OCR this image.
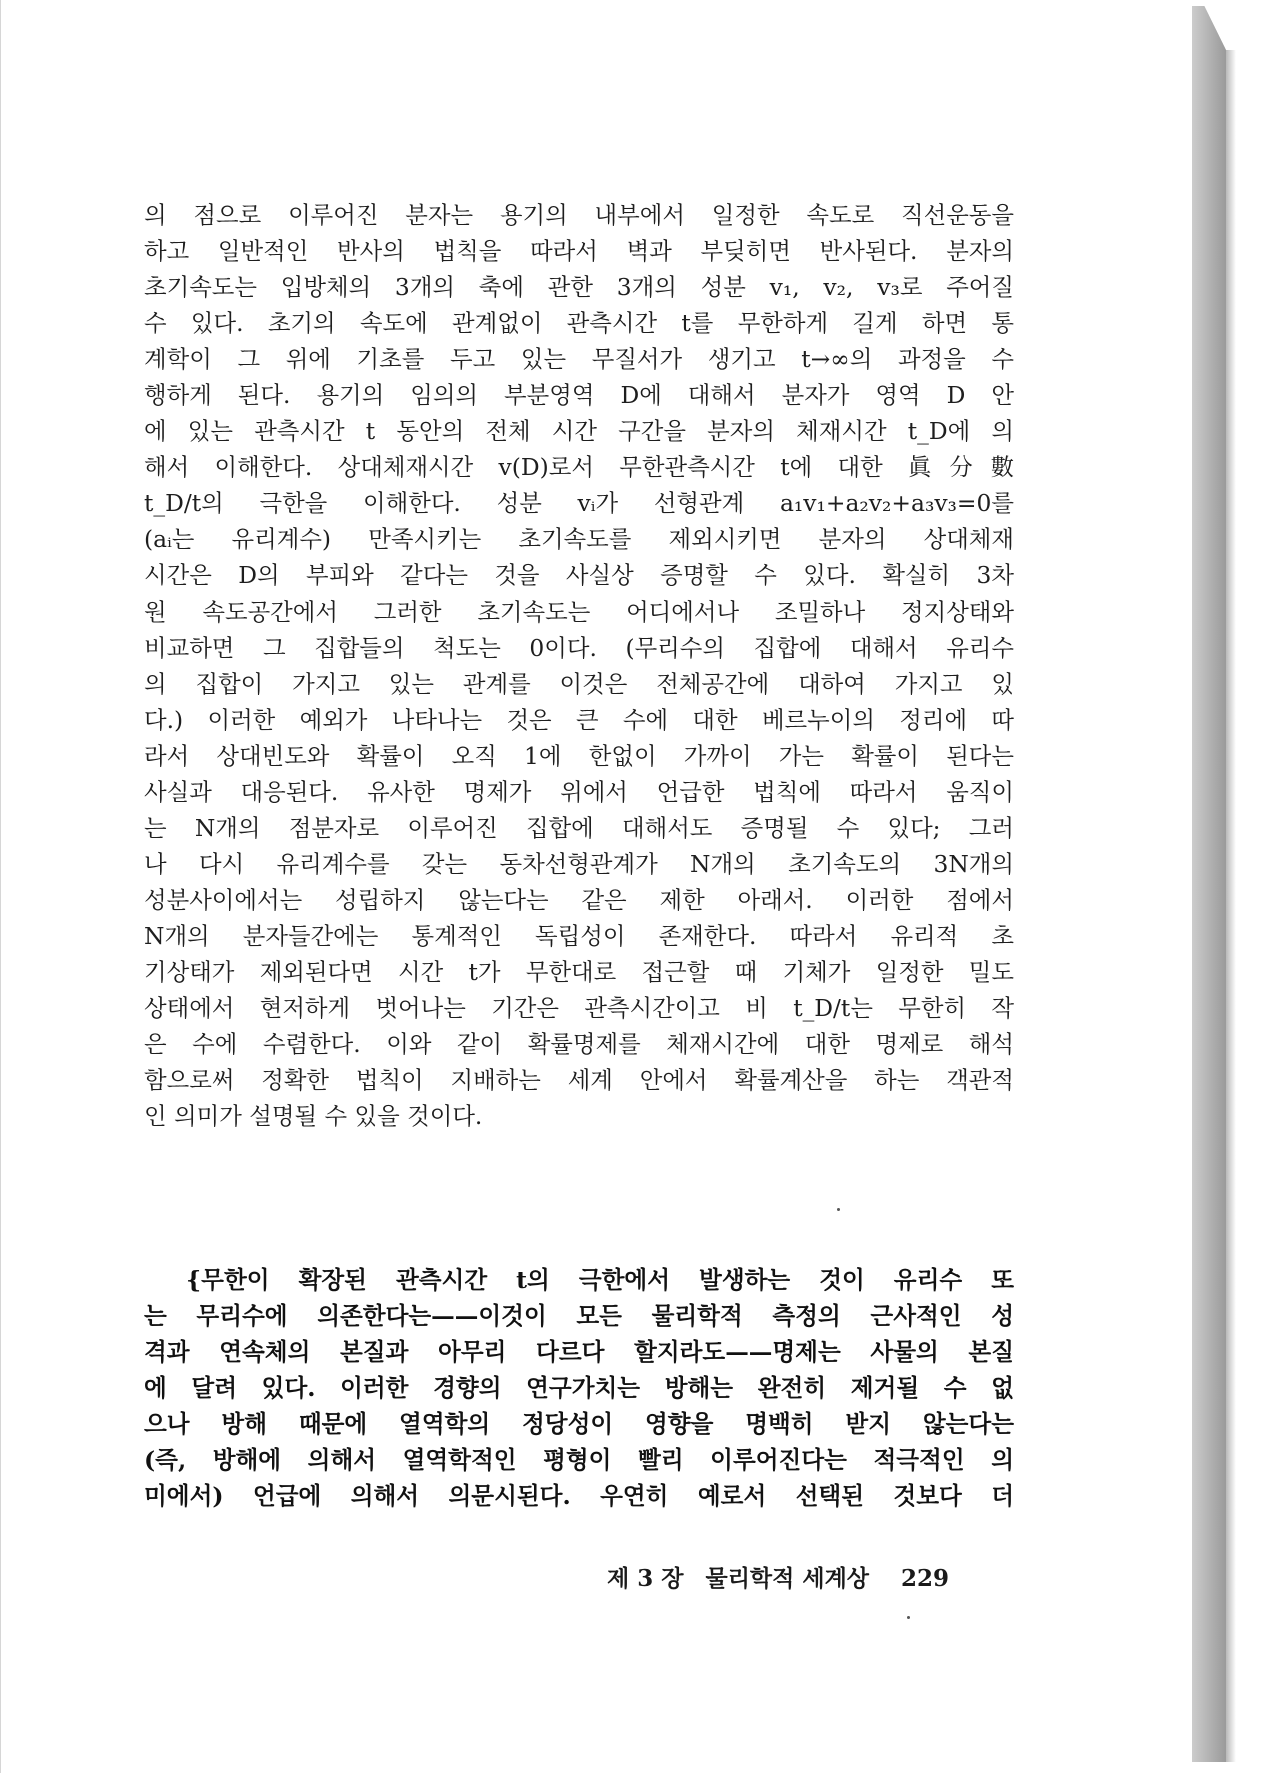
의 점으로 이루어진 분자는 용기의 내부에서 일정한 속도로 직선운동을
하고 일반적인 반사의 법칙을 따라서 벽과 부딪히면 반사된다. 분자의
초기속도는 입방체의 3개의 축에 관한 3개의 성분 v₁, v₂, v₃로 주어질
수 있다. 초기의 속도에 관계없이 관측시간 t를 무한하게 길게 하면 통
계학이 그 위에 기초를 두고 있는 무질서가 생기고 t→∞의 과정을 수
행하게 된다. 용기의 임의의 부분영역 D에 대해서 분자가 영역 D 안
에 있는 관측시간 t 동안의 전체 시간 구간을 분자의 체재시간 t_D에 의
해서 이해한다. 상대체재시간 v(D)로서 무한관측시간 t에 대한 眞分數
t_D/t의 극한을 이해한다. 성분 vᵢ가 선형관계 a₁v₁+a₂v₂+a₃v₃=0를
(aᵢ는 유리계수) 만족시키는 초기속도를 제외시키면 분자의 상대체재
시간은 D의 부피와 같다는 것을 사실상 증명할 수 있다. 확실히 3차
원 속도공간에서 그러한 초기속도는 어디에서나 조밀하나 정지상태와
비교하면 그 집합들의 척도는 0이다. (무리수의 집합에 대해서 유리수
의 집합이 가지고 있는 관계를 이것은 전체공간에 대하여 가지고 있
다.) 이러한 예외가 나타나는 것은 큰 수에 대한 베르누이의 정리에 따
라서 상대빈도와 확률이 오직 1에 한없이 가까이 가는 확률이 된다는
사실과 대응된다. 유사한 명제가 위에서 언급한 법칙에 따라서 움직이
는 N개의 점분자로 이루어진 집합에 대해서도 증명될 수 있다; 그러
나 다시 유리계수를 갖는 동차선형관계가 N개의 초기속도의 3N개의
성분사이에서는 성립하지 않는다는 같은 제한 아래서. 이러한 점에서
N개의 분자들간에는 통계적인 독립성이 존재한다. 따라서 유리적 초
기상태가 제외된다면 시간 t가 무한대로 접근할 때 기체가 일정한 밀도
상태에서 현저하게 벗어나는 기간은 관측시간이고 비 t_D/t는 무한히 작
은 수에 수렴한다. 이와 같이 확률명제를 체재시간에 대한 명제로 해석
함으로써 정확한 법칙이 지배하는 세계 안에서 확률계산을 하는 객관적
인 의미가 설명될 수 있을 것이다.
{무한이 확장된 관측시간 t의 극한에서 발생하는 것이 유리수 또
는 무리수에 의존한다는——이것이 모든 물리학적 측정의 근사적인 성
격과 연속체의 본질과 아무리 다르다 할지라도——명제는 사물의 본질
에 달려 있다. 이러한 경향의 연구가치는 방해는 완전히 제거될 수 없
으나 방해 때문에 열역학의 정당성이 영향을 명백히 받지 않는다는
(즉, 방해에 의해서 열역학적인 평형이 빨리 이루어진다는 적극적인 의
미에서) 언급에 의해서 의문시된다. 우연히 예로서 선택된 것보다 더
제 3 장 물리학적 세계상 229
